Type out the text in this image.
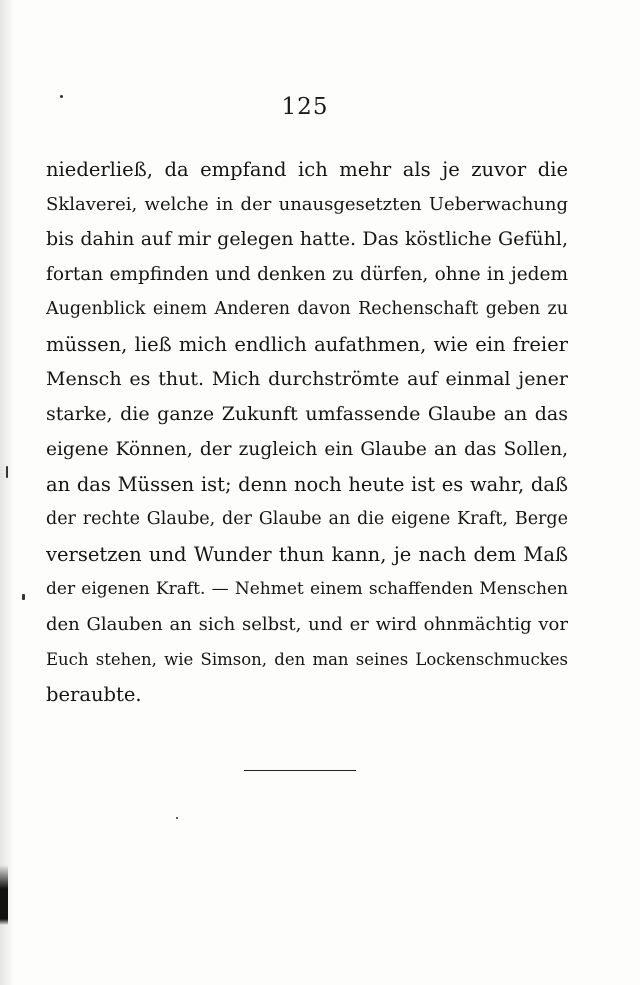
125
niederließ, da empfand ich mehr als je zuvor die
Sklaverei, welche in der unausgesetzten Ueberwachung
bis dahin auf mir gelegen hatte. Das köstliche Gefühl,
fortan empfinden und denken zu dürfen, ohne in jedem
Augenblick einem Anderen davon Rechenschaft geben zu
müssen, ließ mich endlich aufathmen, wie ein freier
Mensch es thut. Mich durchströmte auf einmal jener
starke, die ganze Zukunft umfassende Glaube an das
eigene Können, der zugleich ein Glaube an das Sollen,
an das Müssen ist; denn noch heute ist es wahr, daß
der rechte Glaube, der Glaube an die eigene Kraft, Berge
versetzen und Wunder thun kann, je nach dem Maß
der eigenen Kraft. — Nehmet einem schaffenden Menschen
den Glauben an sich selbst, und er wird ohnmächtig vor
Euch stehen, wie Simson, den man seines Lockenschmuckes
beraubte.
